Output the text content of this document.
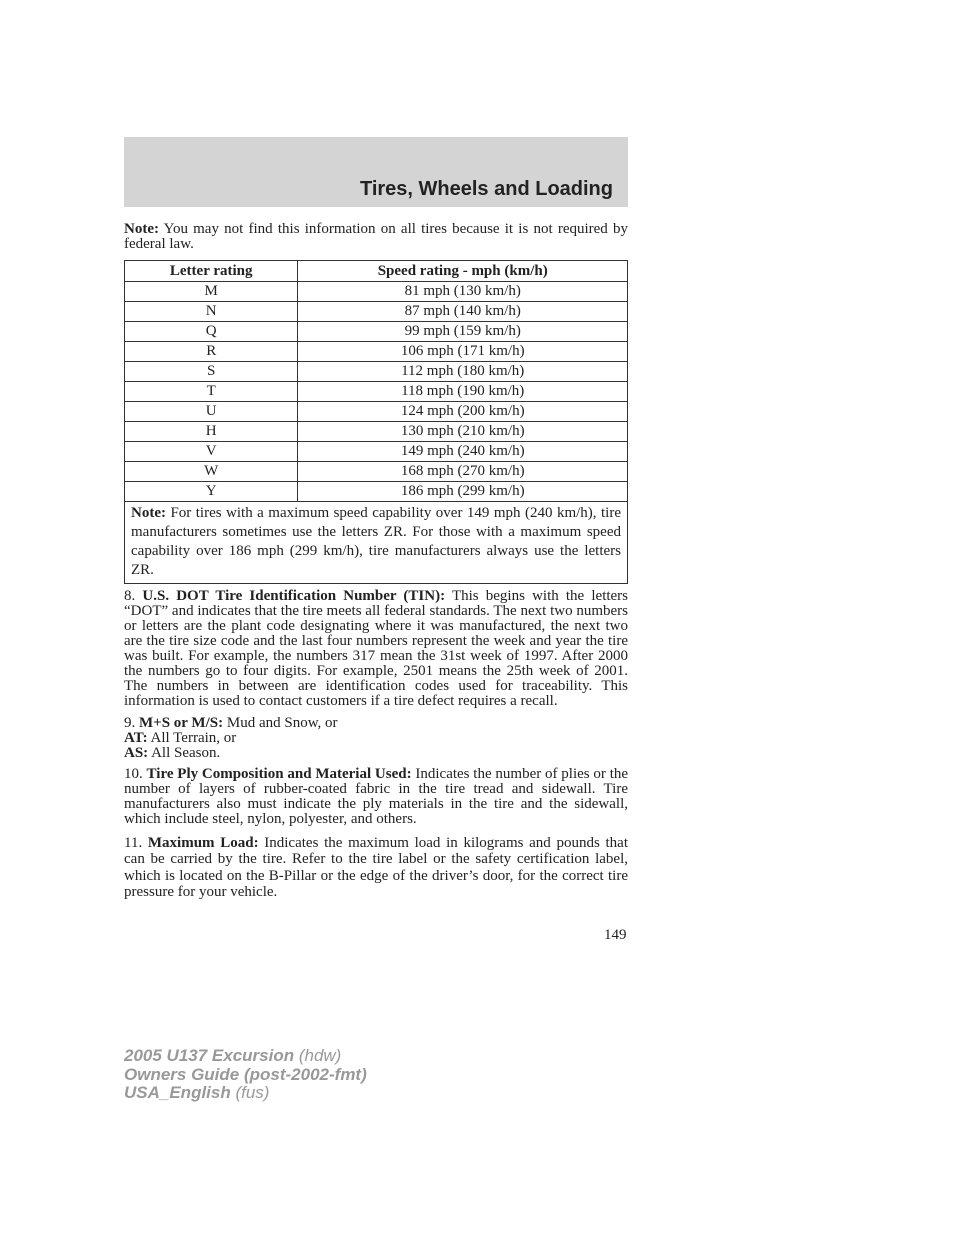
Tires, Wheels and Loading

Note: You may not find this information on all tires because it is not required by federal law.

Letter rating	Speed rating - mph (km/h)
M	81 mph (130 km/h)
N	87 mph (140 km/h)
Q	99 mph (159 km/h)
R	106 mph (171 km/h)
S	112 mph (180 km/h)
T	118 mph (190 km/h)
U	124 mph (200 km/h)
H	130 mph (210 km/h)
V	149 mph (240 km/h)
W	168 mph (270 km/h)
Y	186 mph (299 km/h)
Note: For tires with a maximum speed capability over 149 mph (240 km/h), tire manufacturers sometimes use the letters ZR. For those with a maximum speed capability over 186 mph (299 km/h), tire manufacturers always use the letters ZR.	

8. U.S. DOT Tire Identification Number (TIN): This begins with the letters “DOT” and indicates that the tire meets all federal standards. The next two numbers or letters are the plant code designating where it was manufactured, the next two are the tire size code and the last four numbers represent the week and year the tire was built. For example, the numbers 317 mean the 31st week of 1997. After 2000 the numbers go to four digits. For example, 2501 means the 25th week of 2001. The numbers in between are identification codes used for traceability. This information is used to contact customers if a tire defect requires a recall.

9. M+S or M/S: Mud and Snow, or
AT: All Terrain, or
AS: All Season.

10. Tire Ply Composition and Material Used: Indicates the number of plies or the number of layers of rubber-coated fabric in the tire tread and sidewall. Tire manufacturers also must indicate the ply materials in the tire and the sidewall, which include steel, nylon, polyester, and others.

11. Maximum Load: Indicates the maximum load in kilograms and pounds that can be carried by the tire. Refer to the tire label or the safety certification label, which is located on the B-Pillar or the edge of the driver’s door, for the correct tire pressure for your vehicle.

149
2005 U137 Excursion (hdw)
Owners Guide (post-2002-fmt)
USA_English (fus)
